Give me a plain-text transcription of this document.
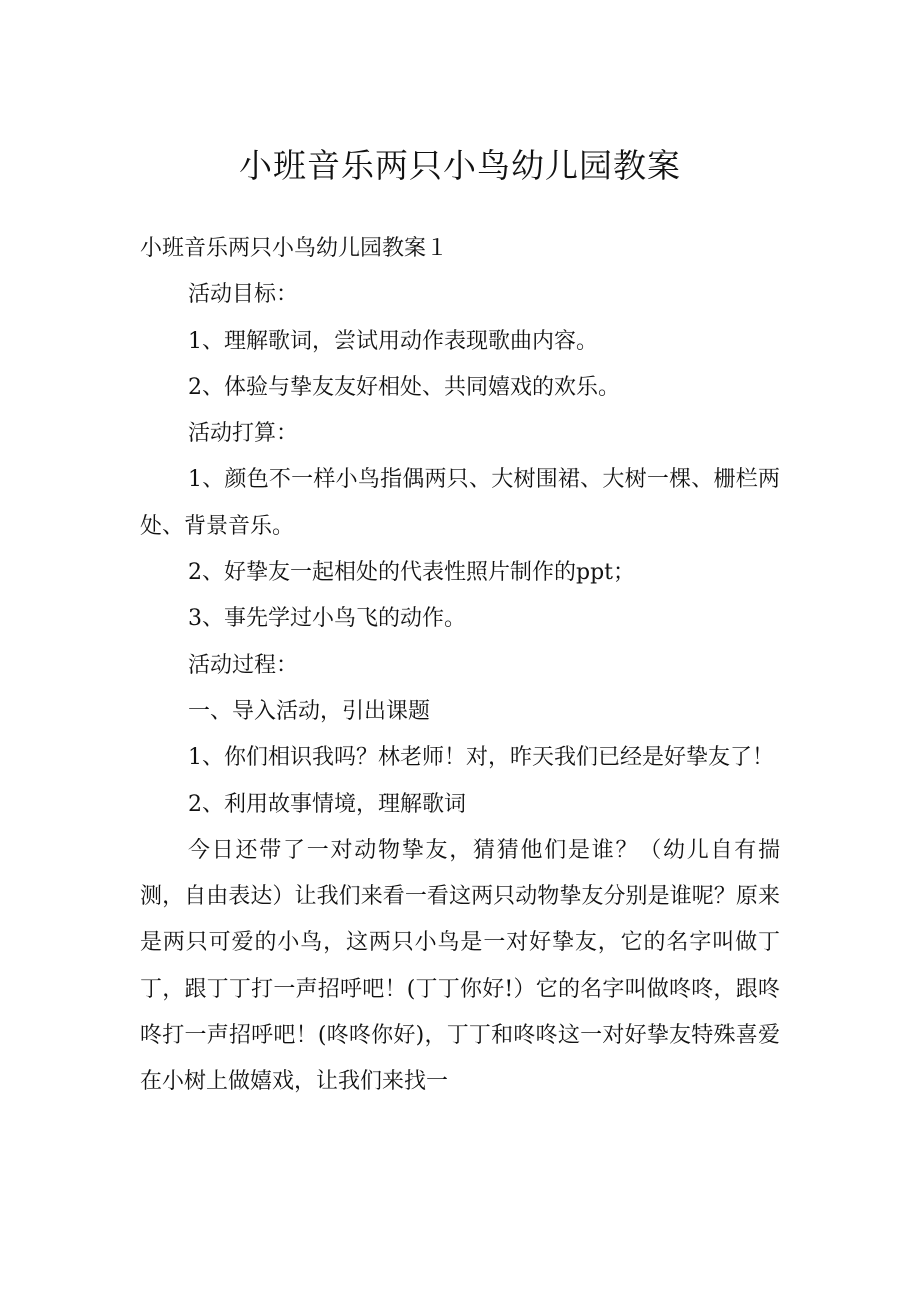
小班音乐两只小鸟幼儿园教案

小班音乐两只小鸟幼儿园教案１

活动目标：

1、理解歌词，尝试用动作表现歌曲内容。

2、体验与挚友友好相处、共同嬉戏的欢乐。

活动打算：

1、颜色不一样小鸟指偶两只、大树围裙、大树一棵、栅栏两处、背景音乐。

2、好挚友一起相处的代表性照片制作的ppt；

3、事先学过小鸟飞的动作。

活动过程：

一、导入活动，引出课题

1、你们相识我吗？林老师！对，昨天我们已经是好挚友了！

2、利用故事情境，理解歌词

今日还带了一对动物挚友，猜猜他们是谁？（幼儿自有揣测，自由表达）让我们来看一看这两只动物挚友分别是谁呢？原来是两只可爱的小鸟，这两只小鸟是一对好挚友，它的名字叫做丁丁，跟丁丁打一声招呼吧！(丁丁你好!）它的名字叫做咚咚，跟咚咚打一声招呼吧！(咚咚你好)，丁丁和咚咚这一对好挚友特殊喜爱在小树上做嬉戏，让我们来找一
